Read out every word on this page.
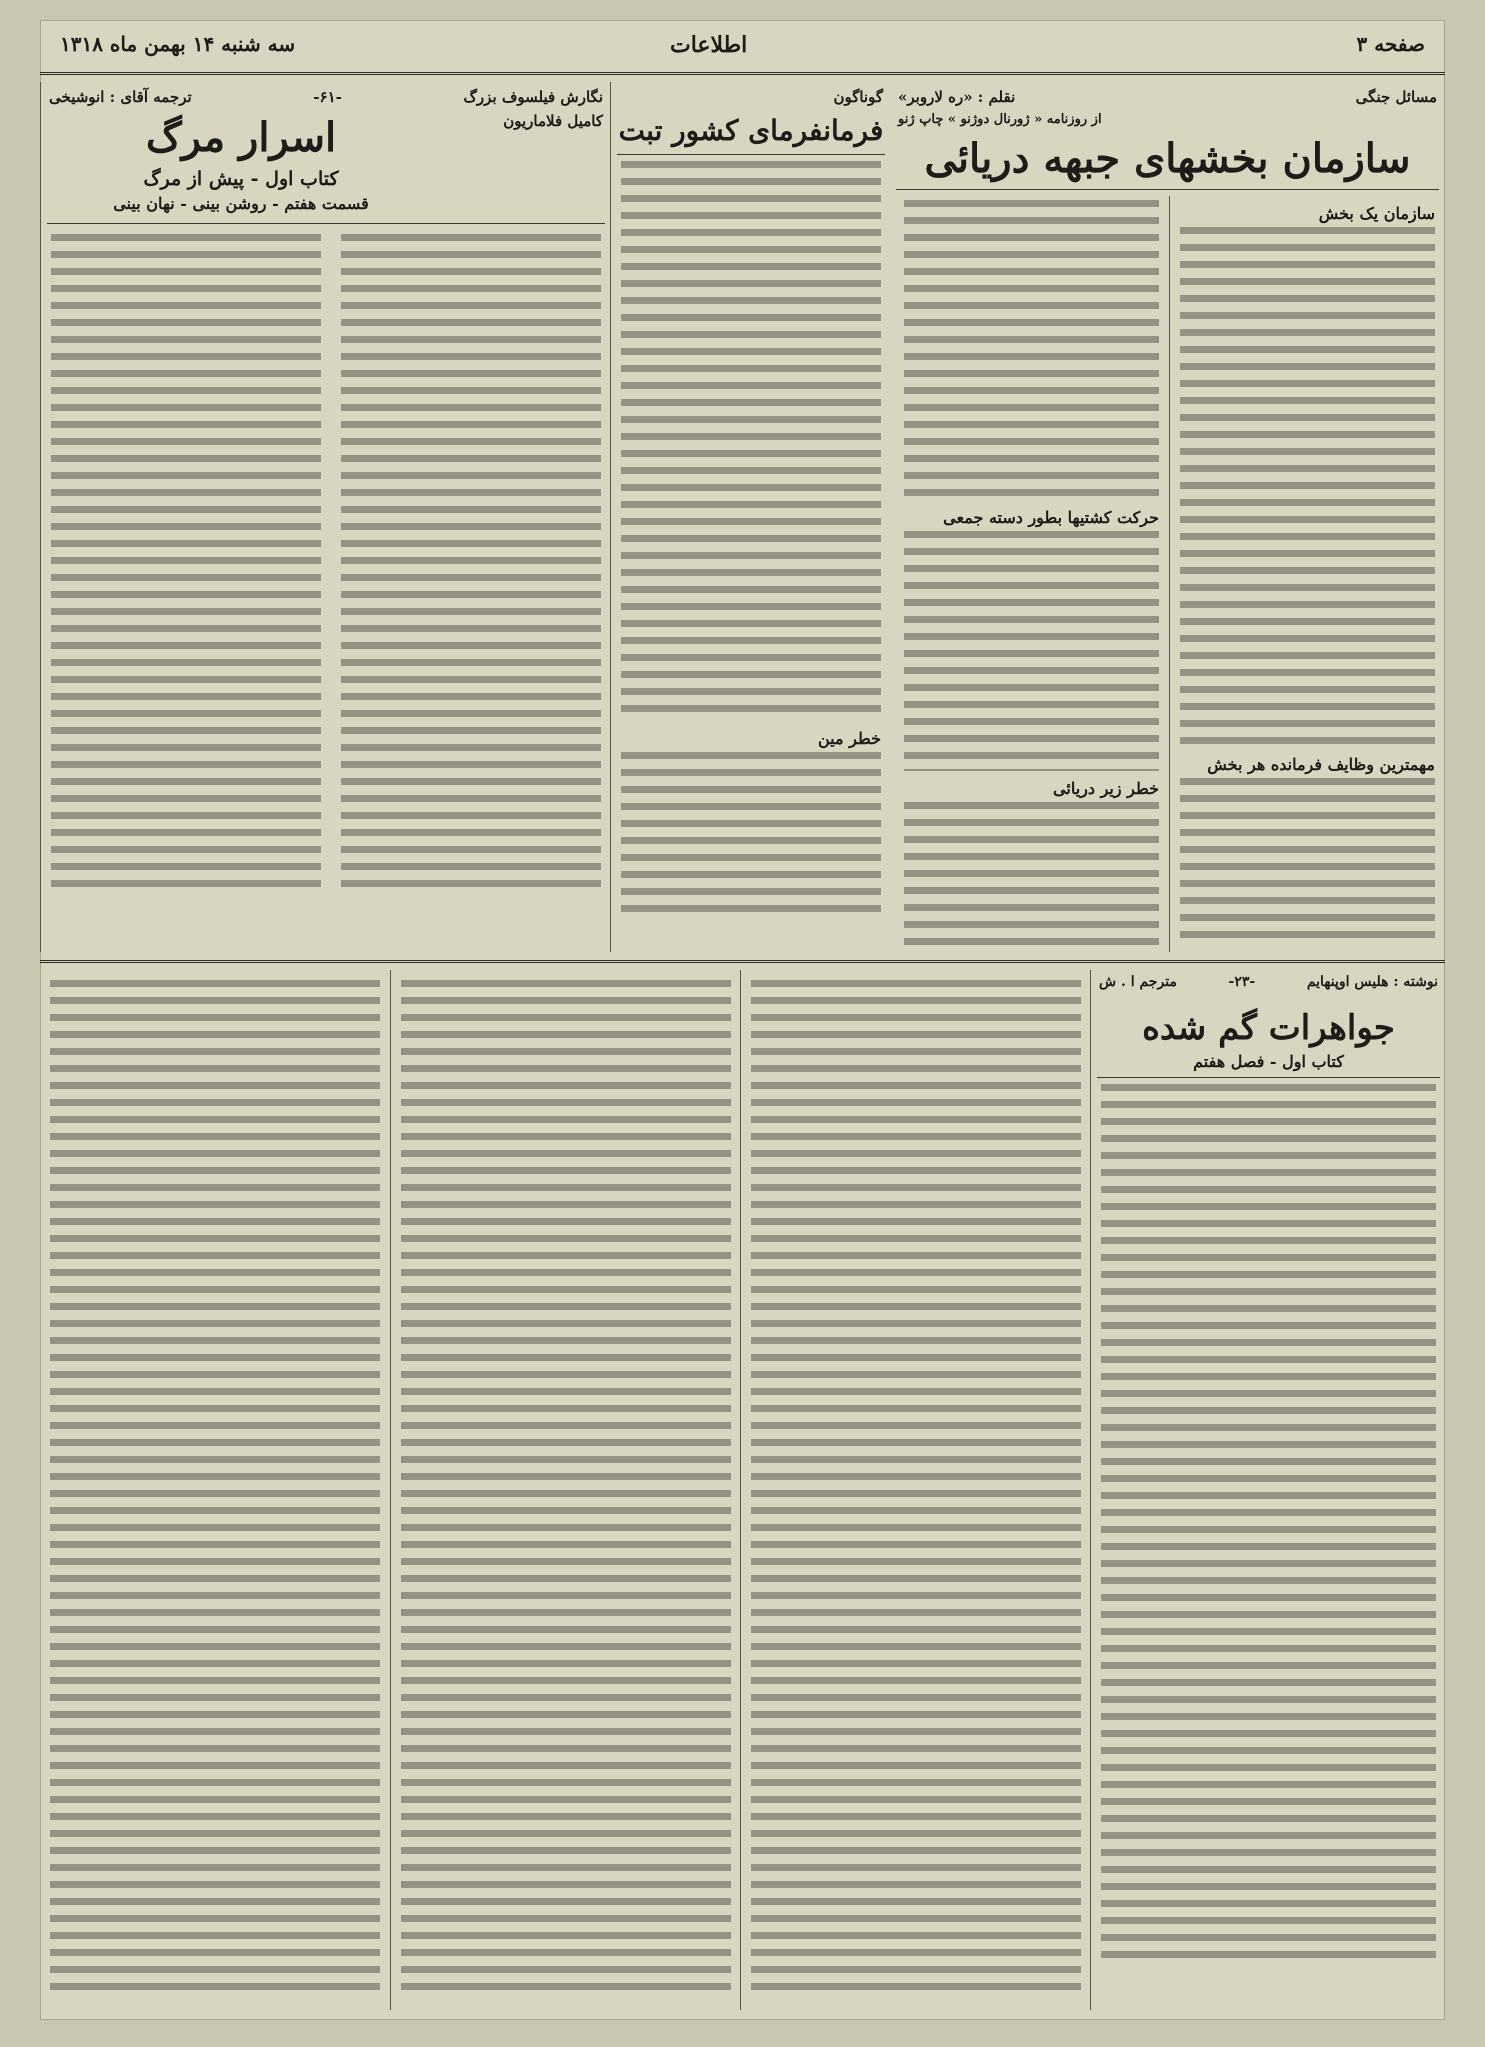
سه شنبه ۱۴ بهمن ماه ۱۳۱۸	اطلاعات	صفحه ۳
مسائل جنگی
نقلم : «ره لاروبر»
از روزنامه « ژورنال دوژنو » چاپ ژنو
سازمان بخشهای جبهه دریائی
سازمان یک بخش
مهمترین وظایف فرمانده هر بخش
حرکت کشتیها بطور دسته جمعی
خطر زیر دریائی
گوناگون
فرمانفرمای کشور تبت
خطر مین
نگارش فیلسوف بزرگ
-۶۱-
ترجمه آقای : انوشیخی
کامیل فلاماریون
اسرار مرگ
کتاب اول - پیش از مرگ
قسمت هفتم - روشن بینی - نهان بینی
نوشته : هلیس اوپنهایم
-۲۳-
مترجم ا . ش
جواهرات گم شده
کتاب اول - فصل هفتم
